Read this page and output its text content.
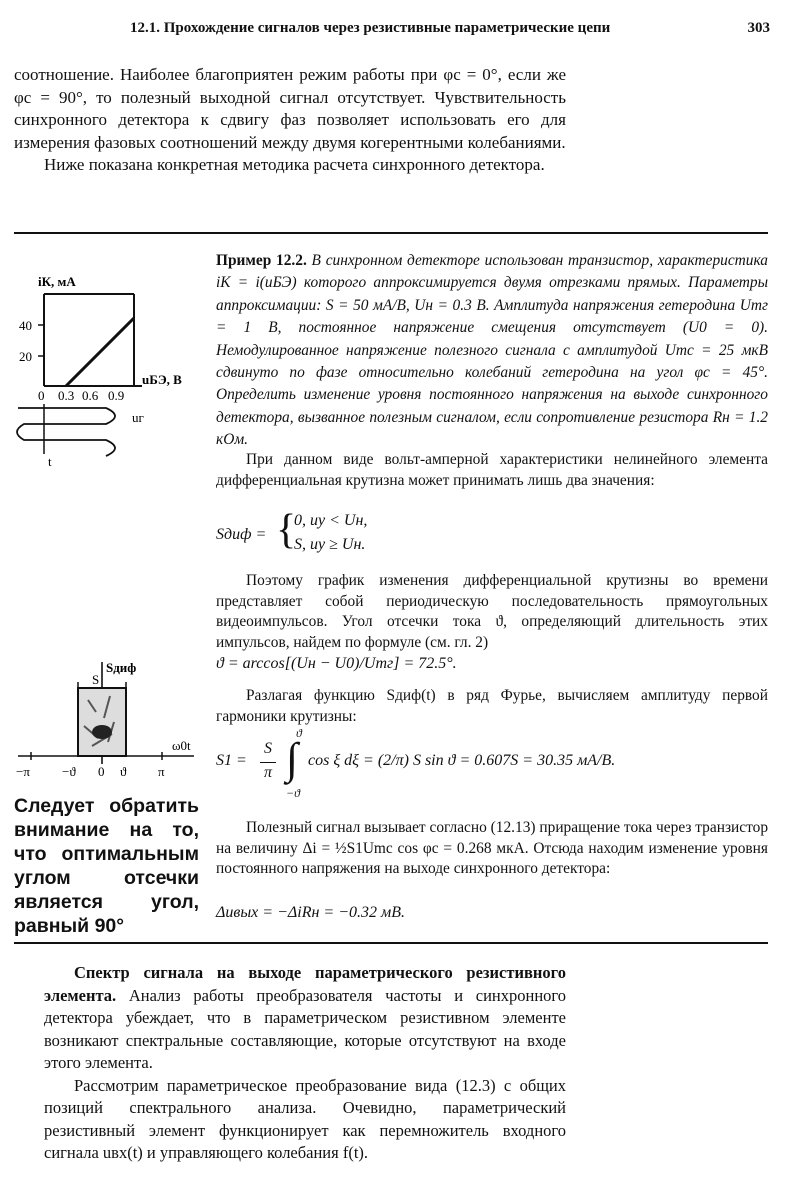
12.1. Прохождение сигналов через резистивные параметрические цепи	303

соотношение. Наиболее благоприятен режим работы при φс = 0°, если же φс = 90°, то полезный выходной сигнал отсутствует. Чувствительность синхронного детектора к сдвигу фаз позволяет использовать его для измерения фазовых соотношений между двумя когерентными колебаниями.

Ниже показана конкретная методика расчета синхронного детектора.

iК, мА
40
20
uБЭ, В
0 0.3 0.6 0.9
uг
t
Пример 12.2. В синхронном детекторе использован транзистор, характеристика iК = i(uБЭ) которого аппроксимируется двумя отрезками прямых. Параметры аппроксимации: S = 50 мА/В, Uн = 0.3 В. Амплитуда напряжения гетеродина Umг = 1 В, постоянное напряжение смещения отсутствует (U0 = 0). Немодулированное напряжение полезного сигнала с амплитудой Umс = 25 мкВ сдвинуто по фазе относительно колебаний гетеродина на угол φс = 45°. Определить изменение уровня постоянного напряжения на выходе синхронного детектора, вызванное полезным сигналом, если сопротивление резистора Rн = 1.2 кОм.

При данном виде вольт-амперной характеристики нелинейного элемента дифференциальная крутизна может принимать лишь два значения:

Sдиф = {
0, uу < Uн,
S, uу ≥ Uн.

Поэтому график изменения дифференциальной крутизны во времени представляет собой периодическую последовательность прямоугольных видеоимпульсов. Угол отсечки тока ϑ, определяющий длительность этих импульсов, найдем по формуле (см. гл. 2)

ϑ = arccos[(Uн − U0)/Umг] = 72.5°.
Sдиф
S
ω0t
−π −ϑ 0 ϑ π

Разлагая функцию Sдиф(t) в ряд Фурье, вычисляем амплитуду первой гармоники крутизны:

S1 =
S
π ∫
ϑ
−ϑ
cos ξ dξ = (2/π) S sin ϑ = 0.607S = 30.35 мА/В.
Следует обратить внимание на то, что оптимальным углом отсечки является угол, равный 90°

Полезный сигнал вызывает согласно (12.13) приращение тока через транзистор на величину Δi = ½S1Umс cos φс = 0.268 мкА. Отсюда находим изменение уровня постоянного напряжения на выходе синхронного детектора:

Δuвых = −ΔiRн = −0.32 мВ.

Спектр сигнала на выходе параметрического резистивного элемента. Анализ работы преобразователя частоты и синхронного детектора убеждает, что в параметрическом резистивном элементе возникают спектральные составляющие, которые отсутствуют на входе этого элемента.

Рассмотрим параметрическое преобразование вида (12.3) с общих позиций спектрального анализа. Очевидно, параметрический резистивный элемент функционирует как перемножитель входного сигнала uвх(t) и управляющего колебания f(t).
